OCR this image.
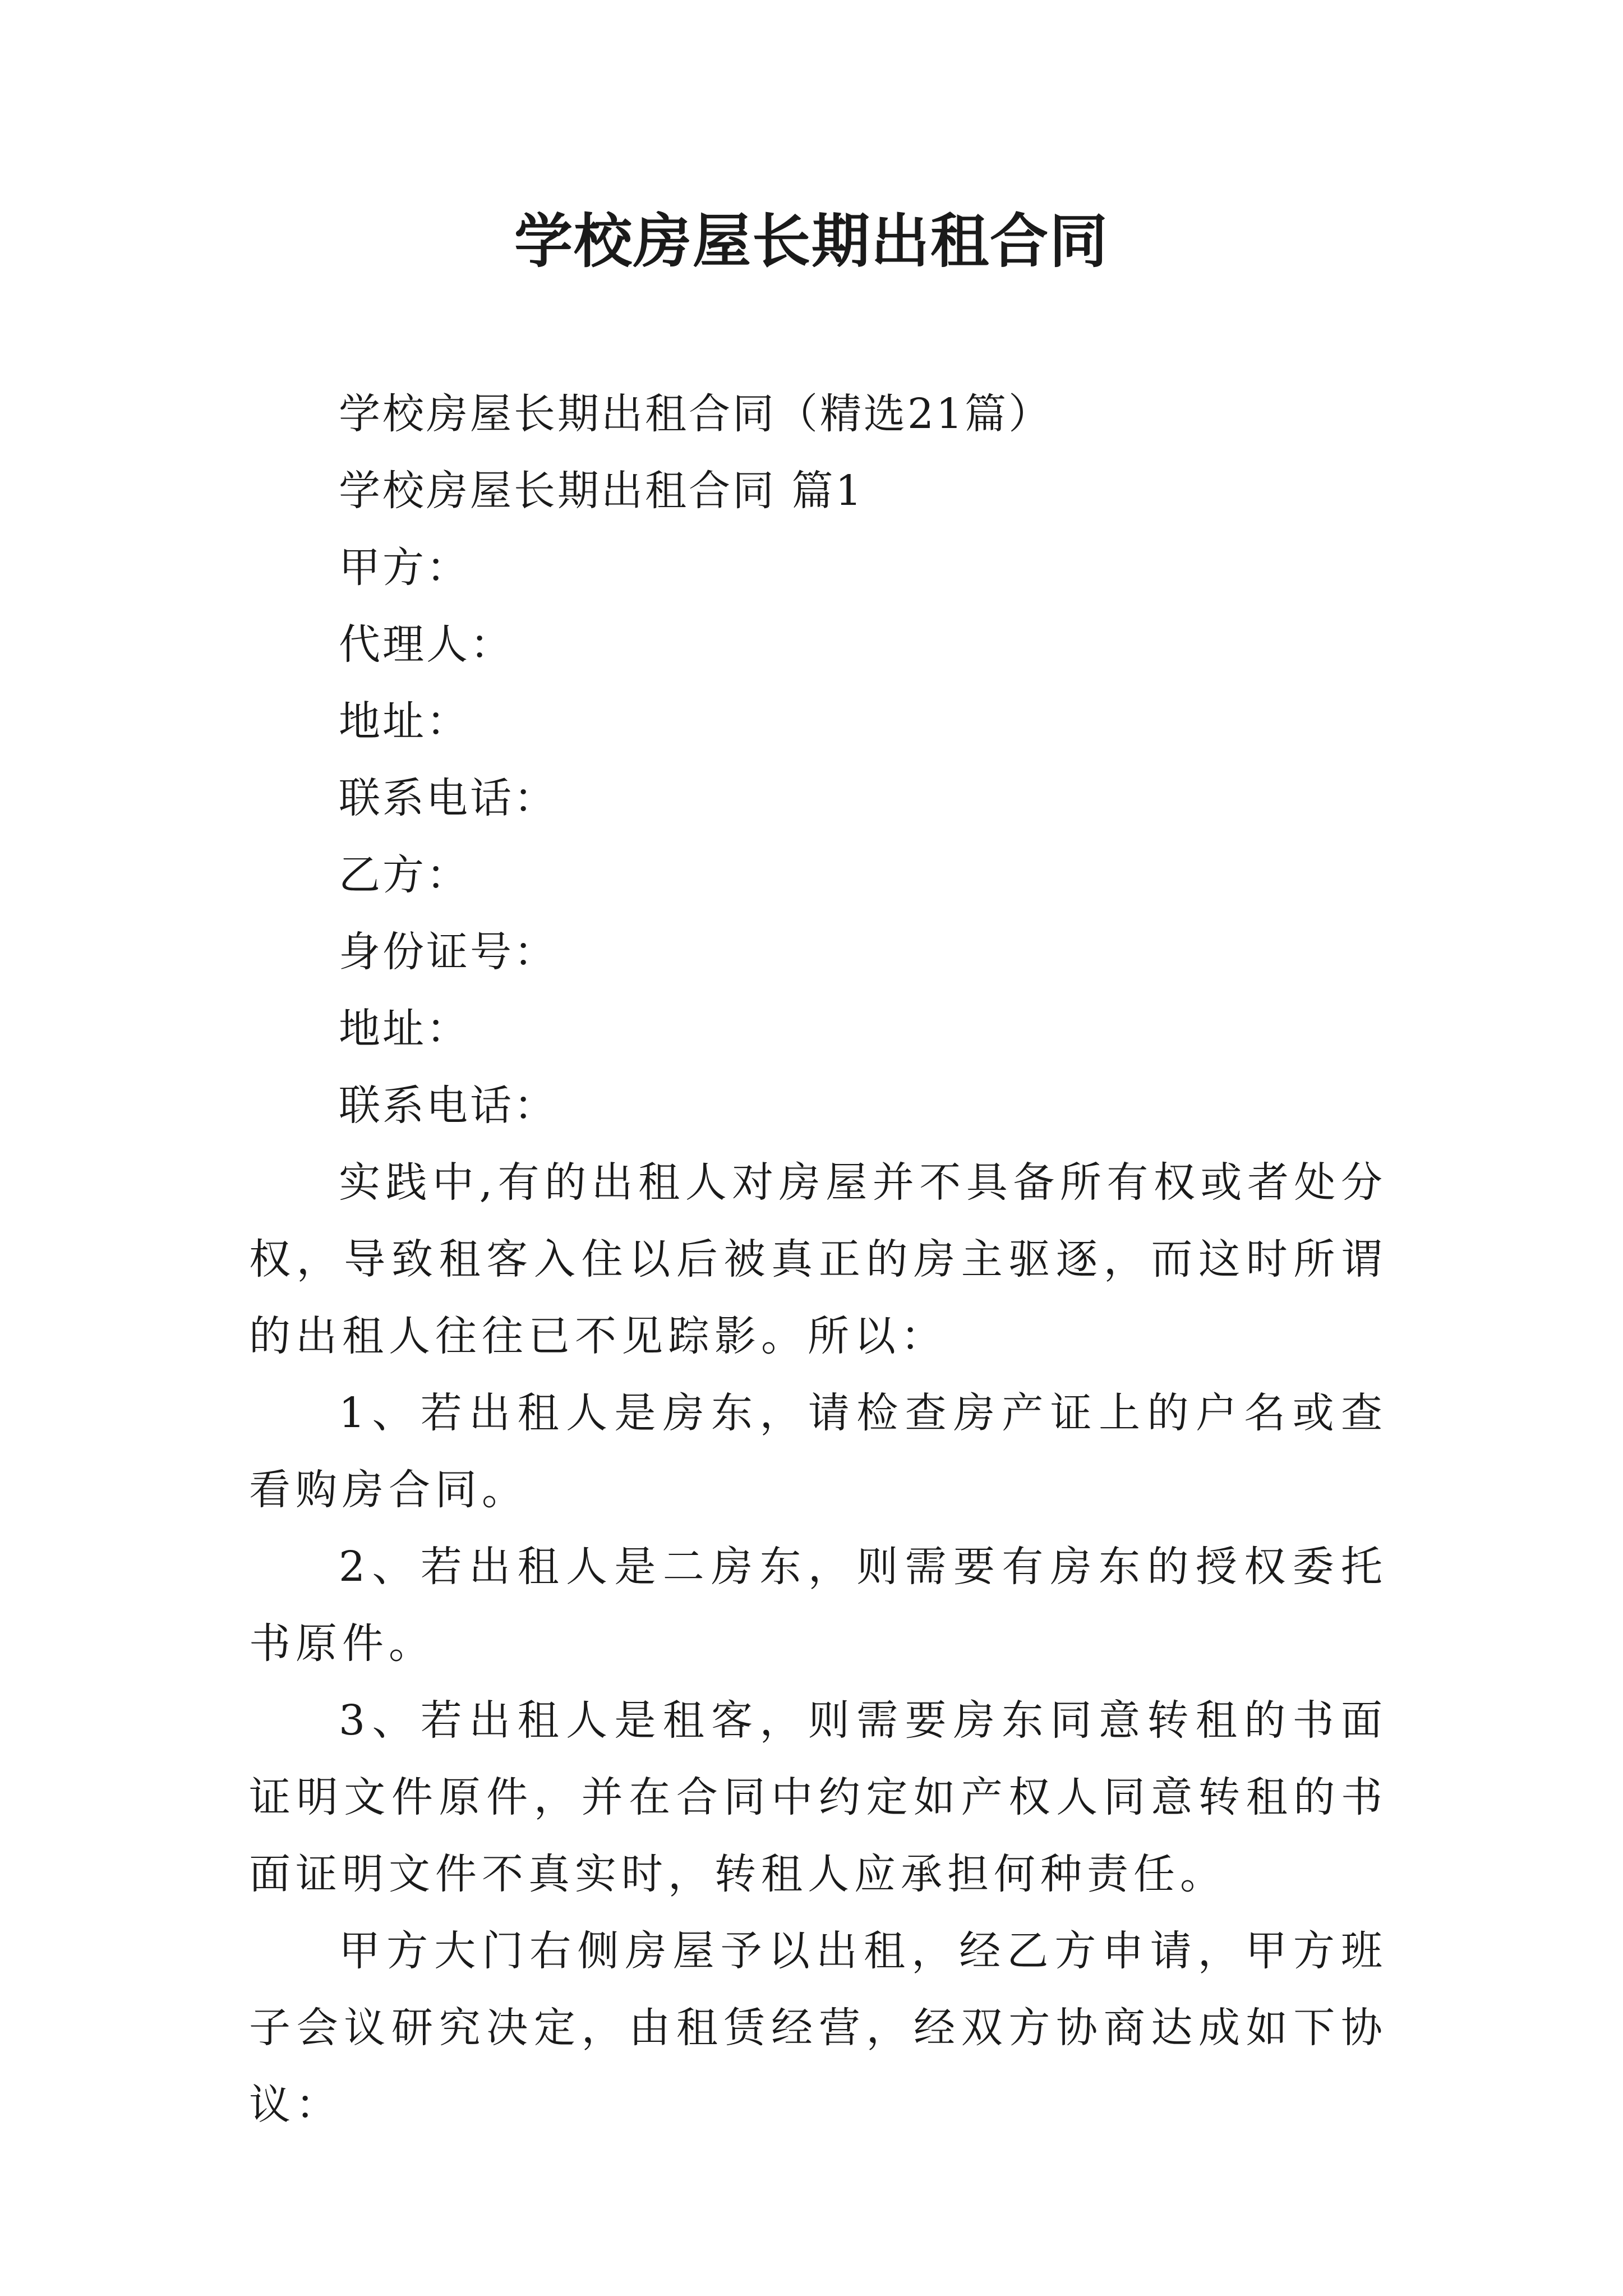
学校房屋长期出租合同

学校房屋长期出租合同（精选21篇）

学校房屋长期出租合同 篇1

甲方：

代理人：

地址：

联系电话：

乙方：

身份证号：

地址：

联系电话：

实践中,有的出租人对房屋并不具备所有权或者处分权，导致租客入住以后被真正的房主驱逐，而这时所谓的出租人往往已不见踪影。所以：

1、若出租人是房东，请检查房产证上的户名或查看购房合同。

2、若出租人是二房东，则需要有房东的授权委托书原件。

3、若出租人是租客，则需要房东同意转租的书面证明文件原件，并在合同中约定如产权人同意转租的书面证明文件不真实时，转租人应承担何种责任。

甲方大门右侧房屋予以出租，经乙方申请，甲方班子会议研究决定，由租赁经营，经双方协商达成如下协议：
